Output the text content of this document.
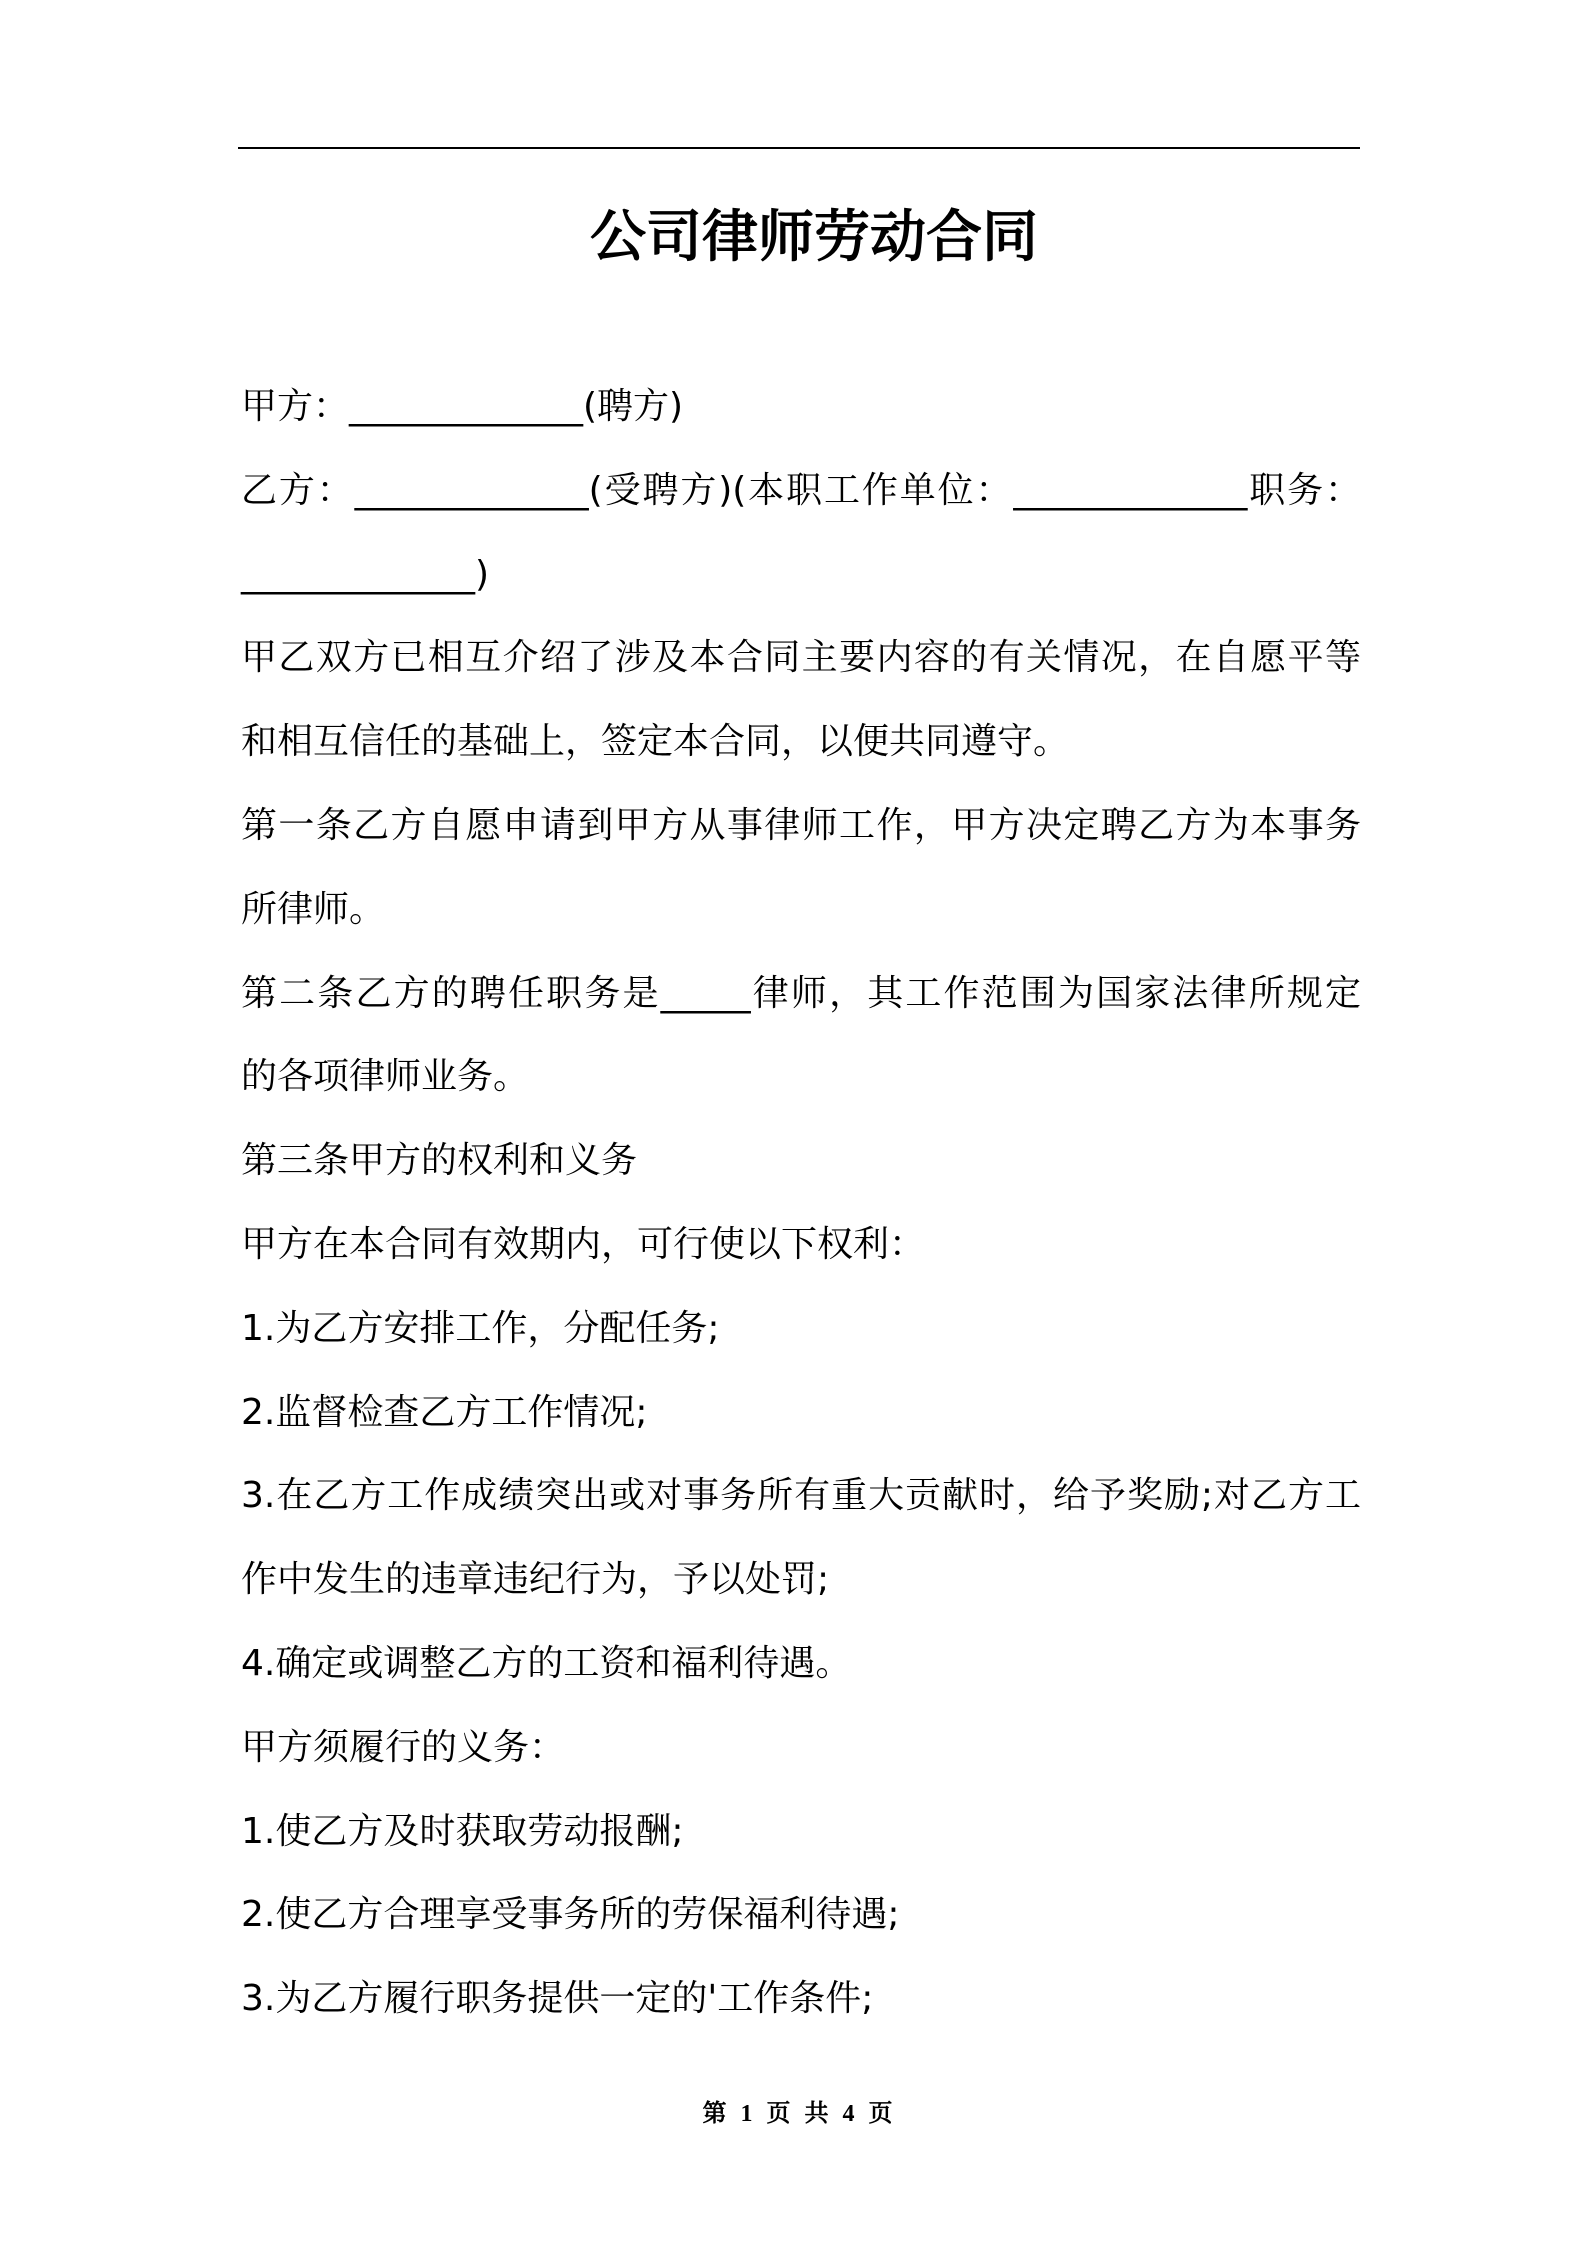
公司律师劳动合同
甲方：_____________(聘方)
乙方：_____________(受聘方)(本职工作单位：_____________职务：
_____________)
甲乙双方已相互介绍了涉及本合同主要内容的有关情况，在自愿平等
和相互信任的基础上，签定本合同，以便共同遵守。
第一条乙方自愿申请到甲方从事律师工作，甲方决定聘乙方为本事务
所律师。
第二条乙方的聘任职务是_____律师，其工作范围为国家法律所规定
的各项律师业务。
第三条甲方的权利和义务
甲方在本合同有效期内，可行使以下权利：
1.为乙方安排工作，分配任务;
2.监督检查乙方工作情况;
3.在乙方工作成绩突出或对事务所有重大贡献时，给予奖励;对乙方工
作中发生的违章违纪行为，予以处罚;
4.确定或调整乙方的工资和福利待遇。
甲方须履行的义务：
1.使乙方及时获取劳动报酬;
2.使乙方合理享受事务所的劳保福利待遇;
3.为乙方履行职务提供一定的'工作条件;
第 1 页 共 4 页
